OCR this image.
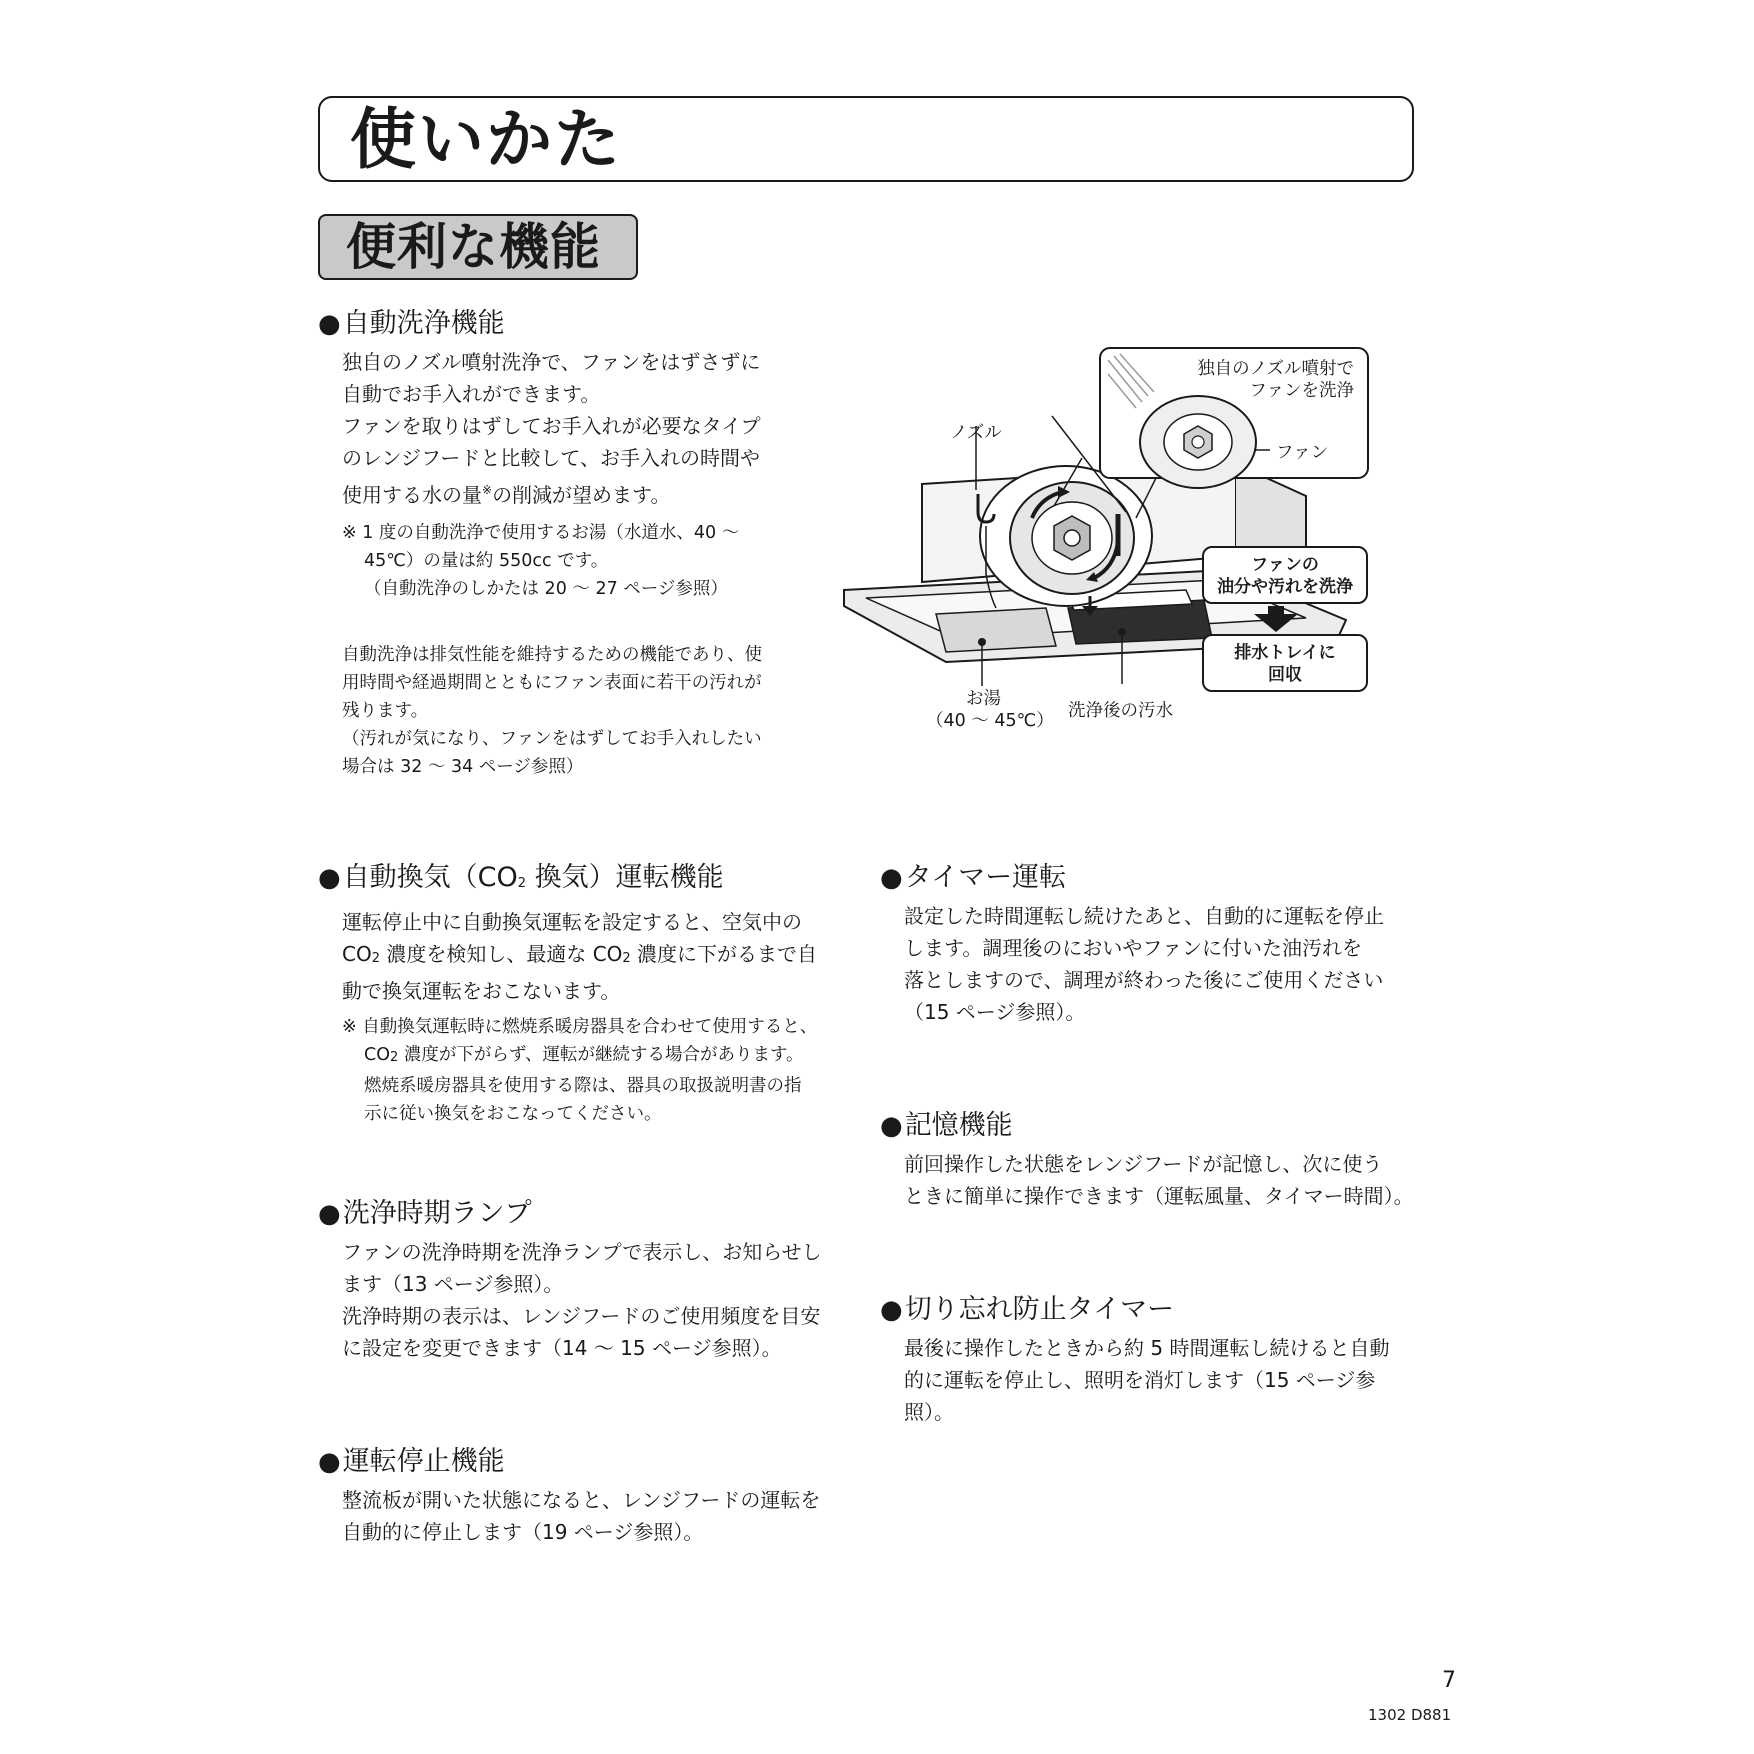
使いかた
便利な機能
●自動洗浄機能

独自のノズル噴射洗浄で、ファンをはずさずに

自動でお手入れができます。

ファンを取りはずしてお手入れが必要なタイプ

のレンジフードと比較して、お手入れの時間や

使用する水の量※の削減が望めます。

※ 1 度の自動洗浄で使用するお湯（水道水、40 ～

45℃）の量は約 550cc です。

（自動洗浄のしかたは 20 ～ 27 ページ参照）

自動洗浄は排気性能を維持するための機能であり、使

用時間や経過期間とともにファン表面に若干の汚れが

残ります。

（汚れが気になり、ファンをはずしてお手入れしたい

場合は 32 ～ 34 ページ参照）

独自のノズル噴射で
ファンを洗浄
ファン
ノズル
ファンの
油分や汚れを洗浄
排水トレイに
回収
お湯
（40 ～ 45℃） 洗浄後の汚水
●自動換気（$CO_2$ 換気）運転機能

運転停止中に自動換気運転を設定すると、空気中の

$CO_2$ 濃度を検知し、最適な $CO_2$ 濃度に下がるまで自

動で換気運転をおこないます。

※ 自動換気運転時に燃焼系暖房器具を合わせて使用すると、

$CO_2$ 濃度が下がらず、運転が継続する場合があります。

燃焼系暖房器具を使用する際は、器具の取扱説明書の指

示に従い換気をおこなってください。

●洗浄時期ランプ

ファンの洗浄時期を洗浄ランプで表示し、お知らせし

ます（13 ページ参照）。

洗浄時期の表示は、レンジフードのご使用頻度を目安

に設定を変更できます（14 ～ 15 ページ参照）。

●運転停止機能

整流板が開いた状態になると、レンジフードの運転を

自動的に停止します（19 ページ参照）。

●タイマー運転

設定した時間運転し続けたあと、自動的に運転を停止

します。調理後のにおいやファンに付いた油汚れを

落としますので、調理が終わった後にご使用ください

（15 ページ参照）。

●記憶機能

前回操作した状態をレンジフードが記憶し、次に使う

ときに簡単に操作できます（運転風量、タイマー時間）。

●切り忘れ防止タイマー

最後に操作したときから約 5 時間運転し続けると自動

的に運転を停止し、照明を消灯します（15 ページ参

照）。

7
1302 D881
